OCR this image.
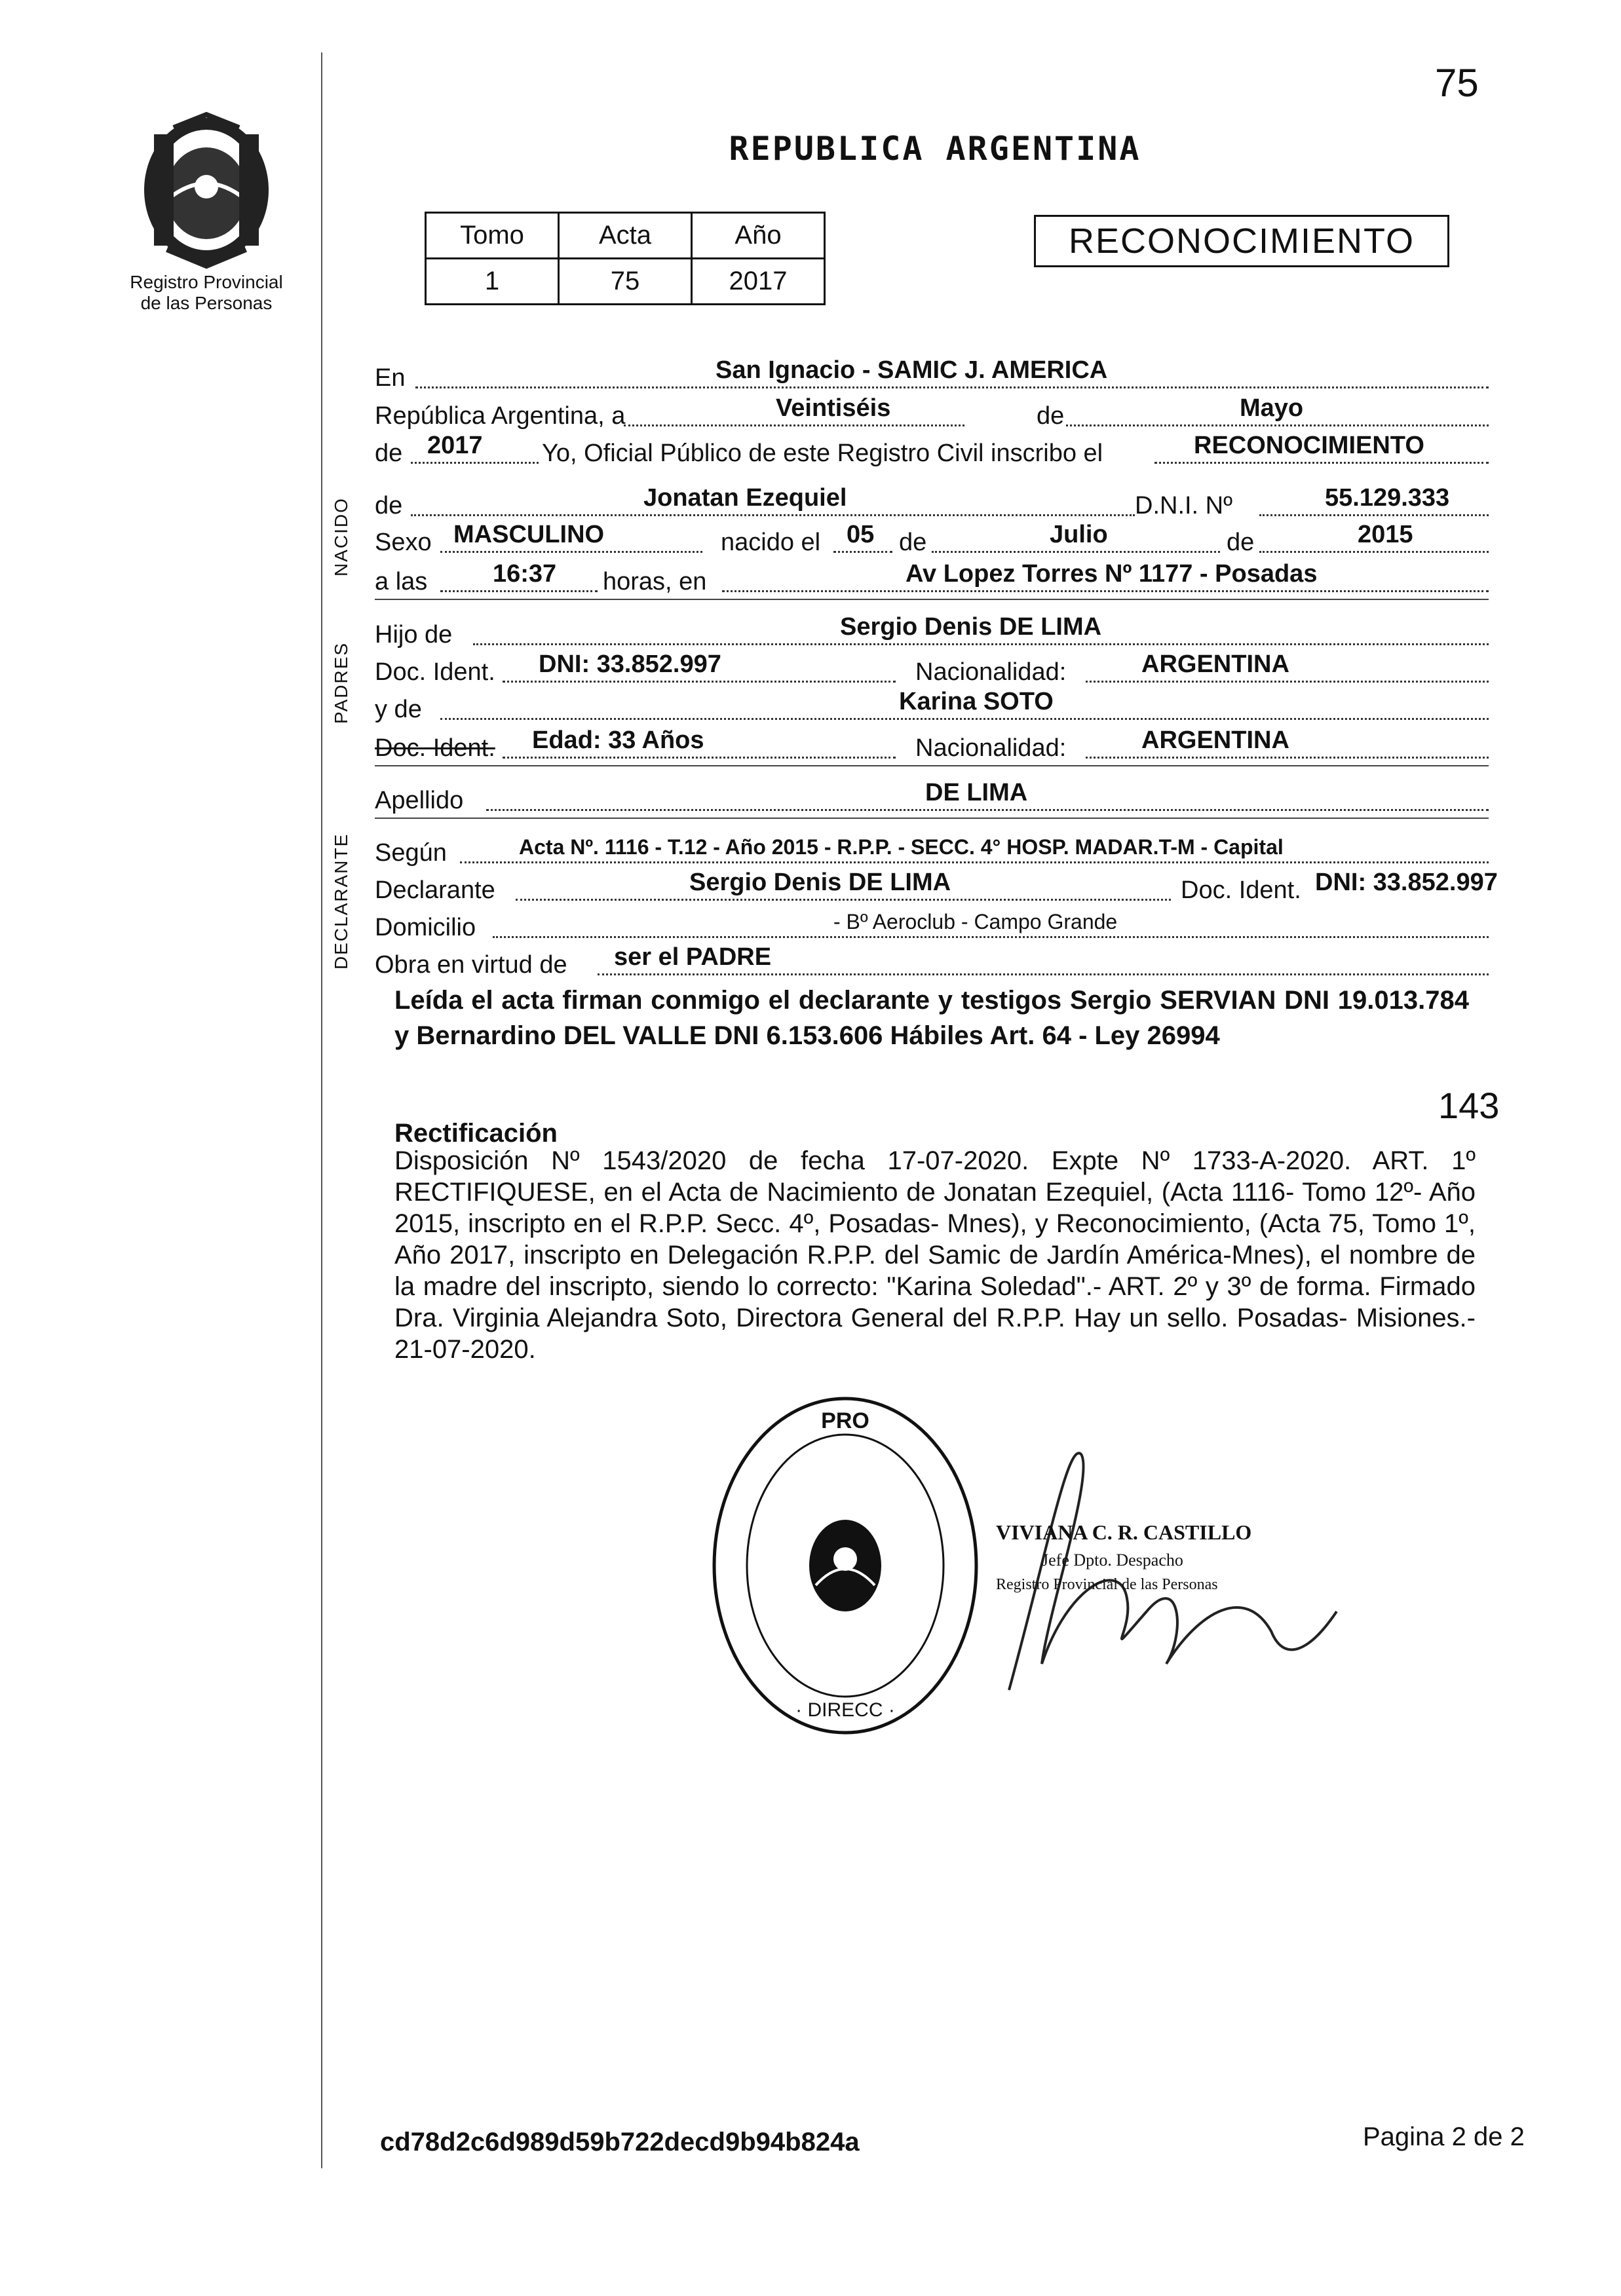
75
Registro Provincial
de las Personas
REPUBLICA ARGENTINA
Tomo	Acta	Año
1	75	2017
RECONOCIMIENTO
En	San Ignacio - SAMIC J. AMERICA
República Argentina, a	Veintiséis	de	Mayo
de 2017 Yo, Oficial Público de este Registro Civil inscribo el	RECONOCIMIENTO
de	Jonatan Ezequiel	D.N.I. Nº	55.129.333
Sexo MASCULINO	nacido el 05 de	Julio	de	2015
a las	16:37 horas, en	Av Lopez Torres Nº 1177 - Posadas
Hijo de	Sergio Denis DE LIMA
Doc. Ident. DNI: 33.852.997	Nacionalidad:	ARGENTINA
y de	Karina SOTO
Doc. Ident. Edad: 33 Años	Nacionalidad:	ARGENTINA
Apellido	DE LIMA
Según	Acta Nº. 1116 - T.12 - Año 2015 - R.P.P. - SECC. 4° HOSP. MADAR.T-M - Capital
Declarante	Sergio Denis DE LIMA	Doc. Ident. DNI: 33.852.997
Domicilio	- Bº Aeroclub - Campo Grande
Obra en virtud de ser el PADRE
NACIDO
PADRES
DECLARANTE
Leída el acta firman conmigo el declarante y testigos Sergio SERVIAN DNI 19.013.784 y Bernardino DEL VALLE DNI 6.153.606 Hábiles Art. 64 - Ley 26994
143
Rectificación
Disposición Nº 1543/2020 de fecha 17-07-2020. Expte Nº 1733-A-2020. ART. 1º RECTIFIQUESE, en el Acta de Nacimiento de Jonatan Ezequiel, (Acta 1116- Tomo 12º- Año 2015, inscripto en el R.P.P. Secc. 4º, Posadas- Mnes), y Reconocimiento, (Acta 75, Tomo 1º, Año 2017, inscripto en Delegación R.P.P. del Samic de Jardín América-Mnes), el nombre de la madre del inscripto, siendo lo correcto: "Karina Soledad".- ART. 2º y 3º de forma. Firmado Dra. Virginia Alejandra Soto, Directora General del R.P.P. Hay un sello. Posadas- Misiones.- 21-07-2020.
PRO
· DIRECC ·
VIVIANA C. R. CASTILLO
Jefe Dpto. Despacho
Registro Provincial de las Personas
cd78d2c6d989d59b722decd9b94b824a	Pagina 2 de 2
